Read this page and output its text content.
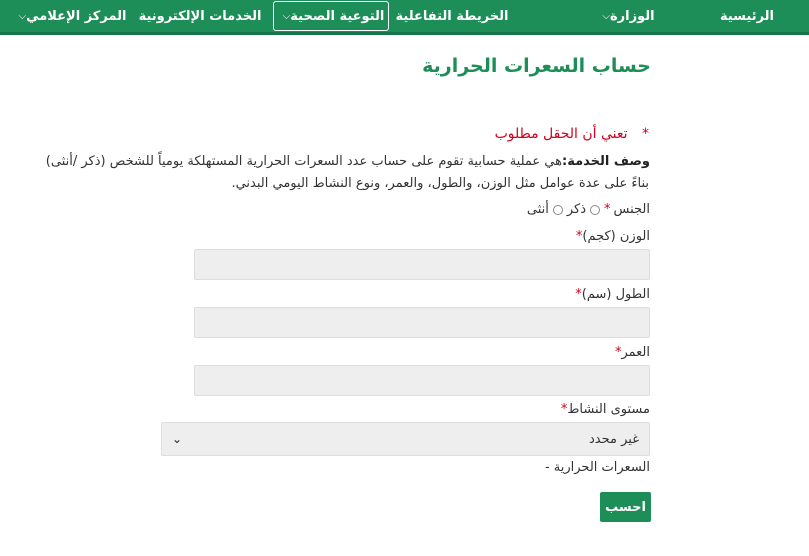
الرئيسية
الوزارة
⌵
الخريطة التفاعلية
التوعية الصحية
⌵
الخدمات الإلكترونية
المركز الإعلامي
⌵
حساب السعرات الحرارية
* تعني أن الحقل مطلوب
وصف الخدمة:هي عملية حسابية تقوم على حساب عدد السعرات الحرارية المستهلكة يومياً للشخص (ذكر /أنثى)
بناءً على عدة عوامل مثل الوزن، والطول، والعمر، ونوع النشاط اليومي البدني.
الجنس
*
ذكر
أنثى
الوزن (كجم)*
الطول (سم)*
العمر*
مستوى النشاط*
غير محدد
⌄
السعرات الحرارية -
احسب
